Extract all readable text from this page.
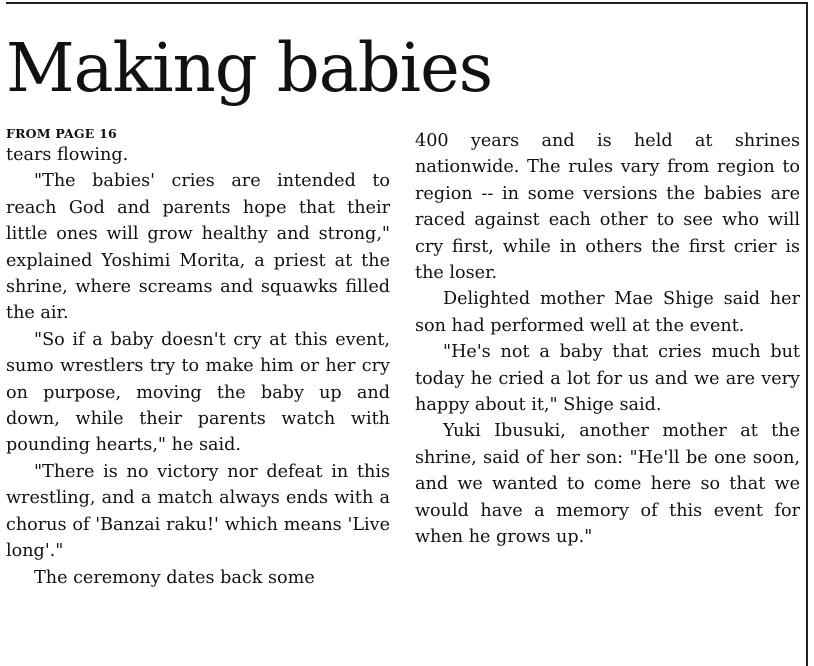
Making babies
FROM PAGE 16

tears flowing.

"The babies' cries are intended to reach God and parents hope that their little ones will grow healthy and strong," explained Yoshimi Morita, a priest at the shrine, where screams and squawks filled the air.

"So if a baby doesn't cry at this event, sumo wrestlers try to make him or her cry on purpose, moving the baby up and down, while their parents watch with pounding hearts," he said.

"There is no victory nor defeat in this wrestling, and a match always ends with a chorus of 'Banzai raku!' which means 'Live long'."

The ceremony dates back some

400 years and is held at shrines nationwide. The rules vary from region to region -- in some versions the babies are raced against each other to see who will cry first, while in others the first crier is the loser.

Delighted mother Mae Shige said her son had performed well at the event.

"He's not a baby that cries much but today he cried a lot for us and we are very happy about it," Shige said.

Yuki Ibusuki, another mother at the shrine, said of her son: "He'll be one soon, and we wanted to come here so that we would have a memory of this event for when he grows up."
